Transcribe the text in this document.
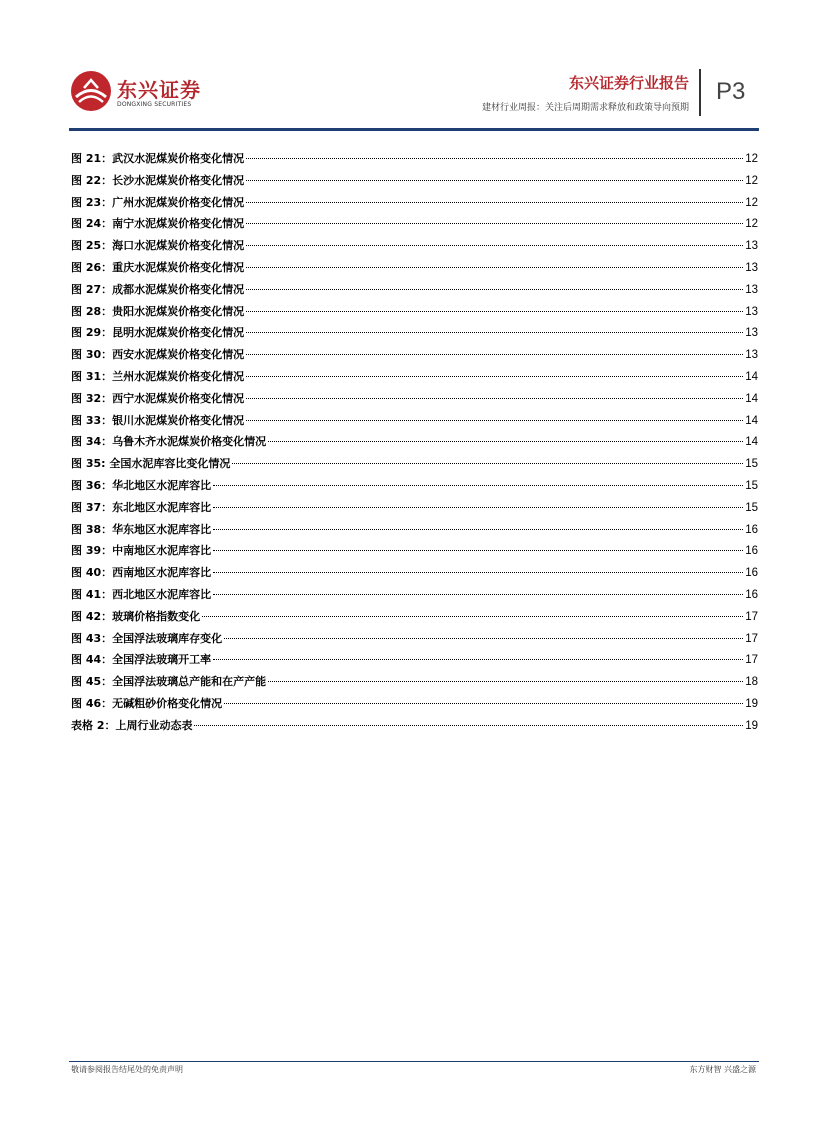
东兴证券
DONGXING SECURITIES
东兴证券行业报告
建材行业周报：关注后周期需求释放和政策导向预期
P3
图 21：武汉水泥煤炭价格变化情况	12
图 22：长沙水泥煤炭价格变化情况	12
图 23：广州水泥煤炭价格变化情况	12
图 24：南宁水泥煤炭价格变化情况	12
图 25：海口水泥煤炭价格变化情况	13
图 26：重庆水泥煤炭价格变化情况	13
图 27：成都水泥煤炭价格变化情况	13
图 28：贵阳水泥煤炭价格变化情况	13
图 29：昆明水泥煤炭价格变化情况	13
图 30：西安水泥煤炭价格变化情况	13
图 31：兰州水泥煤炭价格变化情况	14
图 32：西宁水泥煤炭价格变化情况	14
图 33：银川水泥煤炭价格变化情况	14
图 34：乌鲁木齐水泥煤炭价格变化情况	14
图 35: 全国水泥库容比变化情况	15
图 36：华北地区水泥库容比	15
图 37：东北地区水泥库容比	15
图 38：华东地区水泥库容比	16
图 39：中南地区水泥库容比	16
图 40：西南地区水泥库容比	16
图 41：西北地区水泥库容比	16
图 42：玻璃价格指数变化	17
图 43：全国浮法玻璃库存变化	17
图 44：全国浮法玻璃开工率	17
图 45：全国浮法玻璃总产能和在产产能	18
图 46：无碱粗砂价格变化情况	19
表格 2：上周行业动态表	19
敬请参阅报告结尾处的免责声明	东方财智 兴盛之源
